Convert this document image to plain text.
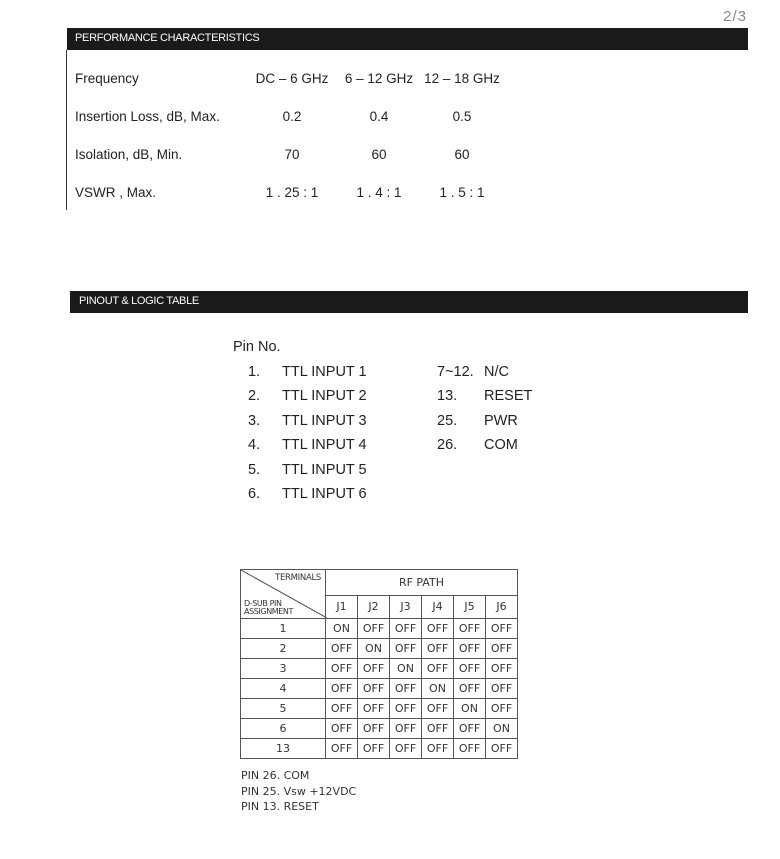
2/3
PERFORMANCE CHARACTERISTICS
Frequency	DC – 6 GHz	6 – 12 GHz 12 – 18 GHz
Insertion Loss, dB, Max.	0.2	0.4	0.5
Isolation, dB, Min.	70	60	60
VSWR , Max.	1 . 25 : 1	1 . 4 : 1	1 . 5 : 1
PINOUT & LOGIC TABLE
Pin No.
1. TTL INPUT 1
2. TTL INPUT 2
3. TTL INPUT 3
4. TTL INPUT 4
5. TTL INPUT 5
6. TTL INPUT 6
7~12. N/C
13. RESET
25. PWR
26. COM
TERMINALS
D-SUB PIN
ASSIGNMENT	RF PATH					
	J1	J2	J3	J4	J5	J6
1	ON	OFF	OFF	OFF	OFF	OFF
2	OFF	ON	OFF	OFF	OFF	OFF
3	OFF	OFF	ON	OFF	OFF	OFF
4	OFF	OFF	OFF	ON	OFF	OFF
5	OFF	OFF	OFF	OFF	ON	OFF
6	OFF	OFF	OFF	OFF	OFF	ON
13	OFF	OFF	OFF	OFF	OFF	OFF
PIN 26. COM
PIN 25. Vsw +12VDC
PIN 13. RESET
